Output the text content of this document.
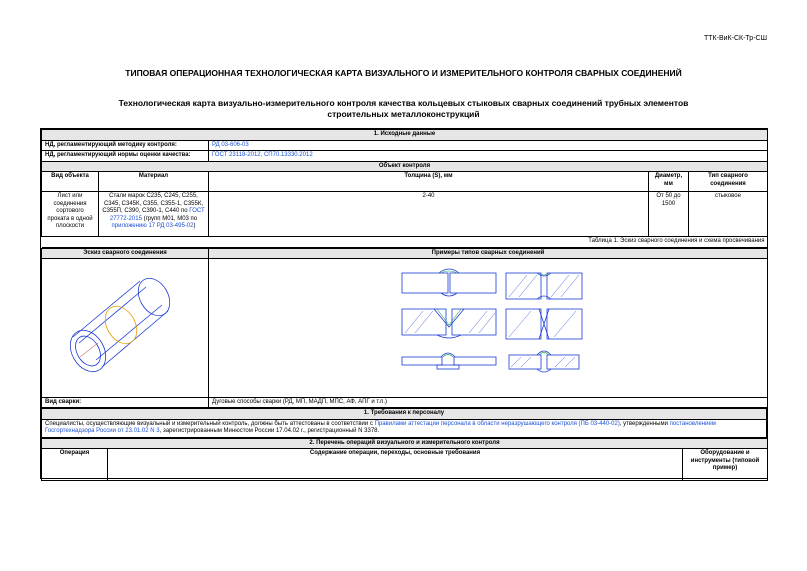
ТТК-ВиК-СК-Тр-СШ
ТИПОВАЯ ОПЕРАЦИОННАЯ ТЕХНОЛОГИЧЕСКАЯ КАРТА ВИЗУАЛЬНОГО И ИЗМЕРИТЕЛЬНОГО КОНТРОЛЯ СВАРНЫХ СОЕДИНЕНИЙ
Технологическая карта визуально-измерительного контроля качества кольцевых стыковых сварных соединений трубных элементов строительных металлоконструкций
1. Исходные данные				
НД, регламентирующий методику контроля:		РД 03-606-03		
НД, регламентирующий нормы оценки качества:		ГОСТ 23118-2012, СП70.13330.2012		
Объект контроля				
Вид объекта	Материал	Толщина (S), мм	Диаметр, мм	Тип сварного соединения
Лист или соединения сортового проката в одной плоскости	Стали марок С235, С245, С255, С345, С345К, С355, С355-1, С355К, С355П, С390, С390-1, С440 по ГОСТ 27772-2015 (групп М01, М03 по приложению 17 РД 03-495-02)	2-40	От 50 до 1500	стыковое
Таблица 1. Эскиз сварного соединения и схема просвечивания				
Эскиз сварного соединения	Примеры типов сварных соединений

Вид сварки:	Дуговые способы сварки (РД, МП, МАДП, МПС, АФ, АПГ и т.п.)
1. Требования к персоналу
Специалисты, осуществляющие визуальный и измерительный контроль, должны быть аттестованы в соответствии с Правилами аттестации персонала в области неразрушающего контроля (ПБ 03-440-02), утвержденными постановлением Госгортехнадзора России от 23.01.02 N 3, зарегистрированным Минюстом России 17.04.02 г., регистрационный N 3378.
2. Перечень операций визуального и измерительного контроля
Операция	Содержание операции, переходы, основные требования	Оборудование и инструменты (типовой пример)
